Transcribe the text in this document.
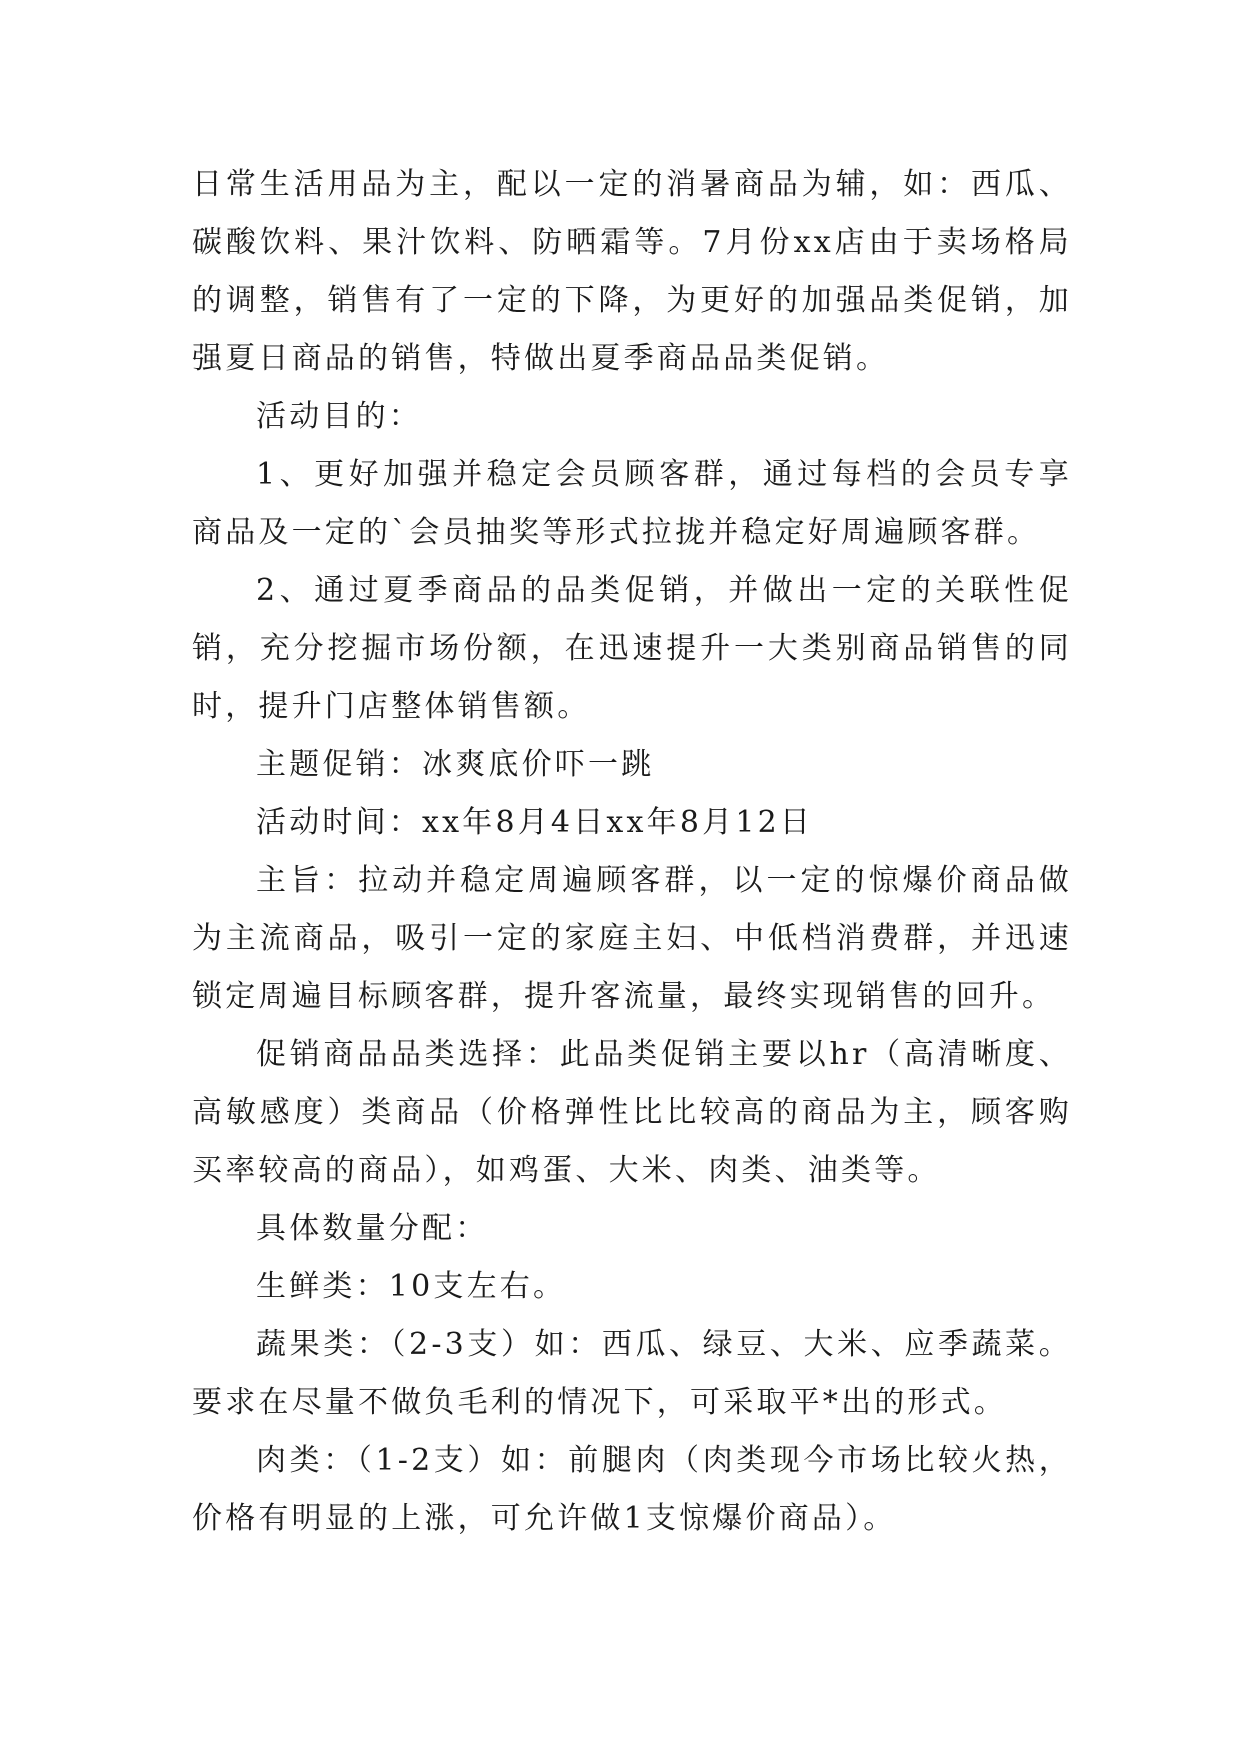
日常生活用品为主，配以一定的消暑商品为辅，如：西瓜、碳酸饮料、果汁饮料、防晒霜等。7月份xx店由于卖场格局的调整，销售有了一定的下降，为更好的加强品类促销，加强夏日商品的销售，特做出夏季商品品类促销。

活动目的：

1、更好加强并稳定会员顾客群，通过每档的会员专享商品及一定的`会员抽奖等形式拉拢并稳定好周遍顾客群。

2、通过夏季商品的品类促销，并做出一定的关联性促销，充分挖掘市场份额，在迅速提升一大类别商品销售的同时，提升门店整体销售额。

主题促销：冰爽底价吓一跳

活动时间：xx年8月4日xx年8月12日

主旨：拉动并稳定周遍顾客群，以一定的惊爆价商品做为主流商品，吸引一定的家庭主妇、中低档消费群，并迅速锁定周遍目标顾客群，提升客流量，最终实现销售的回升。

促销商品品类选择：此品类促销主要以hr（高清晰度、高敏感度）类商品（价格弹性比比较高的商品为主，顾客购买率较高的商品），如鸡蛋、大米、肉类、油类等。

具体数量分配：

生鲜类：10支左右。

蔬果类：（2-3支）如：西瓜、绿豆、大米、应季蔬菜。要求在尽量不做负毛利的情况下，可采取平*出的形式。

肉类：（1-2支）如：前腿肉（肉类现今市场比较火热，价格有明显的上涨，可允许做1支惊爆价商品）。
